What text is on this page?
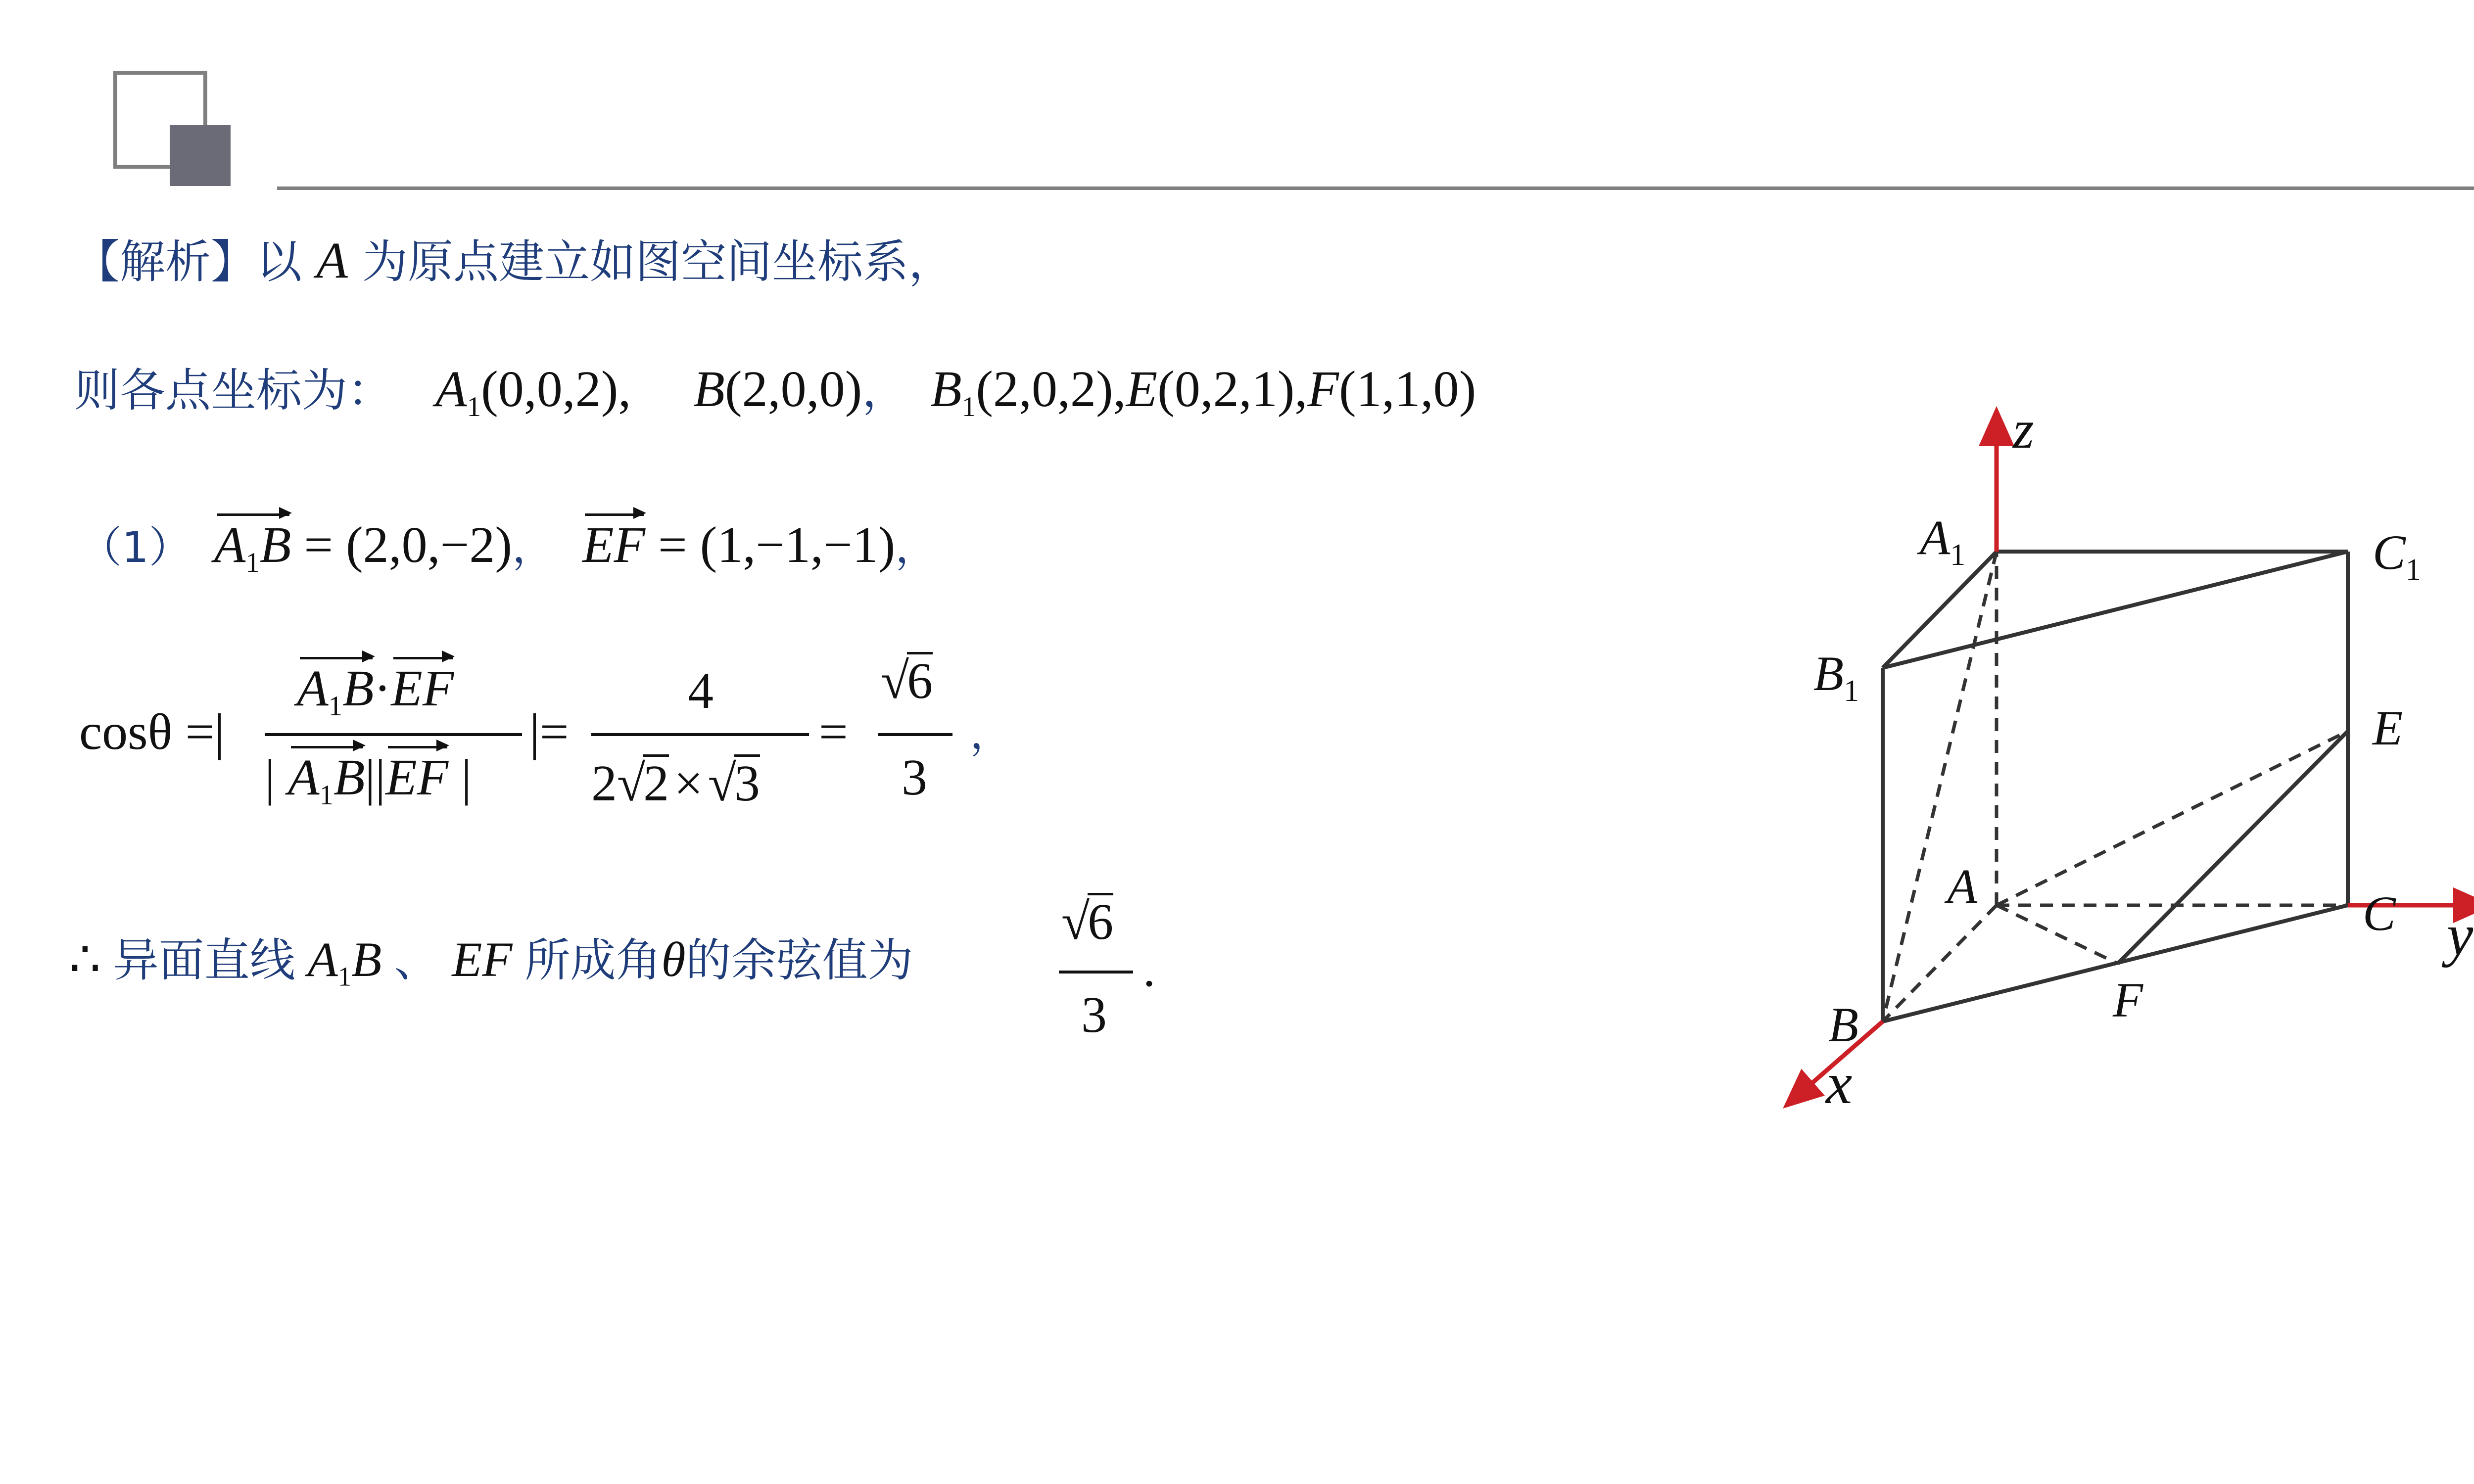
【解析】以 A 为原点建立如图空间坐标系，
则各点坐标为： $A_1(0,0,2)$, B(2,0,0)， $B_1(2,0,2),E(0,2,1),F(1,1,0)$
（1） $A_1B = (2,0,-2)$， EF = (1,−1,−1)，
cosθ =|
$A_1B\cdot EF$
| $A_1B||EF$ |
|=
4
2√2×√3
=
√6
3
，
∴ 异面直线 $A_1B$ 、 EF 所成角θ的余弦值为
√6
3
.
z
y
x
$A_1$	$C_1$
$B_1$
E
A	C
F
B
